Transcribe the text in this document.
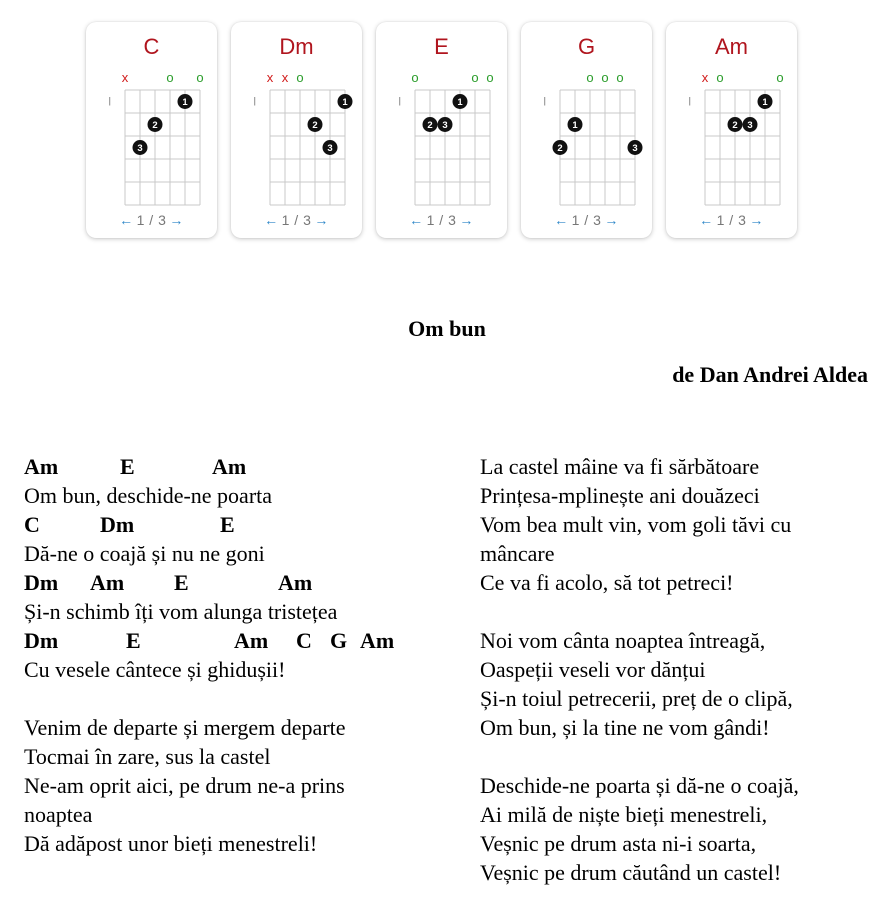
C
I
x	o o
1
2
3
← 1 / 3 →
Dm
I
x x o
1
2
3
← 1 / 3 →
E
I
o	o o
1
2 3
← 1 / 3 →
G
I
o o o
1
2	3
← 1 / 3 →
Am
I
x o	o
1
2 3
← 1 / 3 →
Om bun
de Dan Andrei Aldea
Am	E	Am
Om bun, deschide-ne poarta
C	Dm	E
Dă-ne o coajă și nu ne goni
Dm Am E	Am
Și-n schimb îți vom alunga tristețea
Dm	E	Am C G Am
Cu vesele cântece și ghidușii!
Venim de departe și mergem departe
Tocmai în zare, sus la castel
Ne-am oprit aici, pe drum ne-a prins
noaptea
Dă adăpost unor bieți menestreli!
La castel mâine va fi sărbătoare
Prințesa-mplinește ani douăzeci
Vom bea mult vin, vom goli tăvi cu
mâncare
Ce va fi acolo, să tot petreci!
Noi vom cânta noaptea întreagă,
Oaspeții veseli vor dănțui
Și-n toiul petrecerii, preț de o clipă,
Om bun, și la tine ne vom gândi!
Deschide-ne poarta și dă-ne o coajă,
Ai milă de niște bieți menestreli,
Veșnic pe drum asta ni-i soarta,
Veșnic pe drum căutând un castel!
